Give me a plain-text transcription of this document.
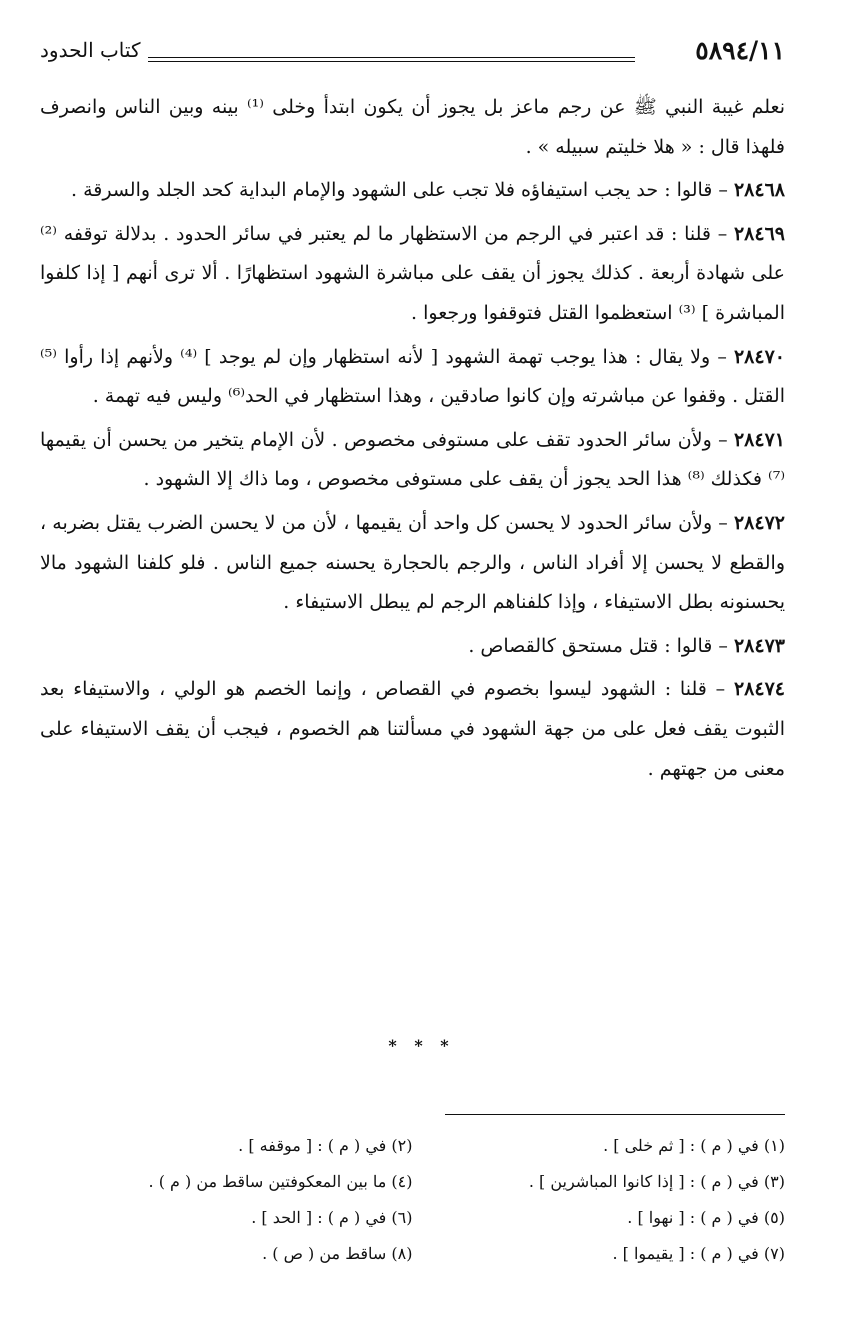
٥٨٩٤/١١
كتاب الحدود

نعلم غيبة النبي ﷺ عن رجم ماعز بل يجوز أن يكون ابتدأ وخلى ⁽¹⁾ بينه وبين الناس وانصرف فلهذا قال : « هلا خليتم سبيله » .

٢٨٤٦٨ – قالوا : حد يجب استيفاؤه فلا تجب على الشهود والإمام البداية كحد الجلد والسرقة .

٢٨٤٦٩ – قلنا : قد اعتبر في الرجم من الاستظهار ما لم يعتبر في سائر الحدود . بدلالة توقفه ⁽²⁾ على شهادة أربعة . كذلك يجوز أن يقف على مباشرة الشهود استظهارًا . ألا ترى أنهم [ إذا كلفوا المباشرة ] ⁽³⁾ استعظموا القتل فتوقفوا ورجعوا .

٢٨٤٧٠ – ولا يقال : هذا يوجب تهمة الشهود [ لأنه استظهار وإن لم يوجد ] ⁽⁴⁾ ولأنهم إذا رأوا ⁽⁵⁾ القتل . وقفوا عن مباشرته وإن كانوا صادقين ، وهذا استظهار في الحد⁽⁶⁾ وليس فيه تهمة .

٢٨٤٧١ – ولأن سائر الحدود تقف على مستوفى مخصوص . لأن الإمام يتخير من يحسن أن يقيمها ⁽⁷⁾ فكذلك ⁽⁸⁾ هذا الحد يجوز أن يقف على مستوفى مخصوص ، وما ذاك إلا الشهود .

٢٨٤٧٢ – ولأن سائر الحدود لا يحسن كل واحد أن يقيمها ، لأن من لا يحسن الضرب يقتل بضربه ، والقطع لا يحسن إلا أفراد الناس ، والرجم بالحجارة يحسنه جميع الناس . فلو كلفنا الشهود مالا يحسنونه بطل الاستيفاء ، وإذا كلفناهم الرجم لم يبطل الاستيفاء .

٢٨٤٧٣ – قالوا : قتل مستحق كالقصاص .

٢٨٤٧٤ – قلنا : الشهود ليسوا بخصوم في القصاص ، وإنما الخصم هو الولي ، والاستيفاء بعد الثبوت يقف فعل على من جهة الشهود في مسألتنا هم الخصوم ، فيجب أن يقف الاستيفاء على معنى من جهتهم .

* * *
(١) في ( م ) : [ ثم خلى ] .
(٢) في ( م ) : [ موقفه ] .
(٣) في ( م ) : [ إذا كانوا المباشرين ] .
(٤) ما بين المعكوفتين ساقط من ( م ) .
(٥) في ( م ) : [ نهوا ] .
(٦) في ( م ) : [ الحد ] .
(٧) في ( م ) : [ يقيموا ] .
(٨) ساقط من ( ص ) .
